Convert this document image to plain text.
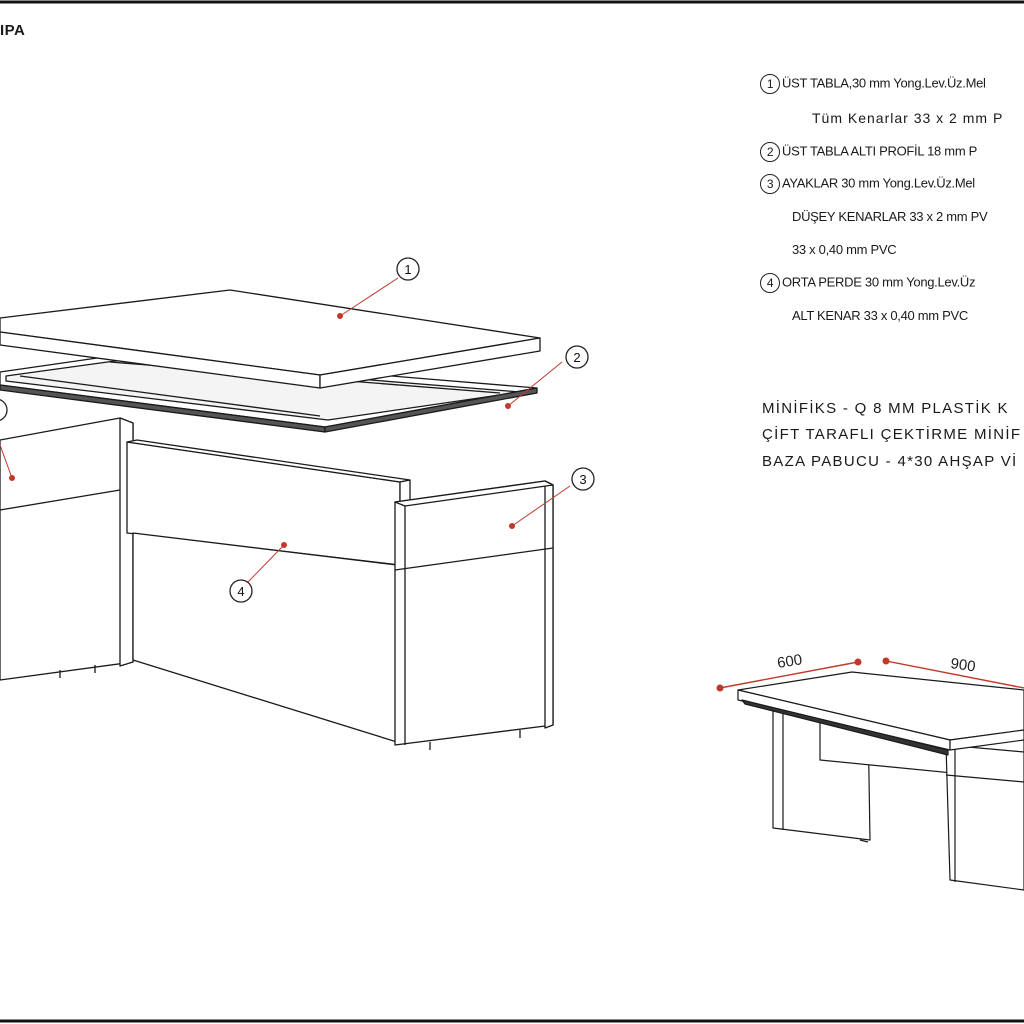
1
2
3
4
600	900
IPA
1 ÜST TABLA,30 mm Yong.Lev.Üz.Mel
Tüm Kenarlar 33 x 2 mm P
2 ÜST TABLA ALTI PROFİL 18 mm P
3 AYAKLAR 30 mm Yong.Lev.Üz.Mel
DÜŞEY KENARLAR 33 x 2 mm PV
33 x 0,40 mm PVC
4 ORTA PERDE 30 mm Yong.Lev.Üz
ALT KENAR 33 x 0,40 mm PVC
MİNİFİKS - Q 8 MM PLASTİK K
ÇİFT TARAFLI ÇEKTİRME MİNİF
BAZA PABUCU - 4*30 AHŞAP Vİ
